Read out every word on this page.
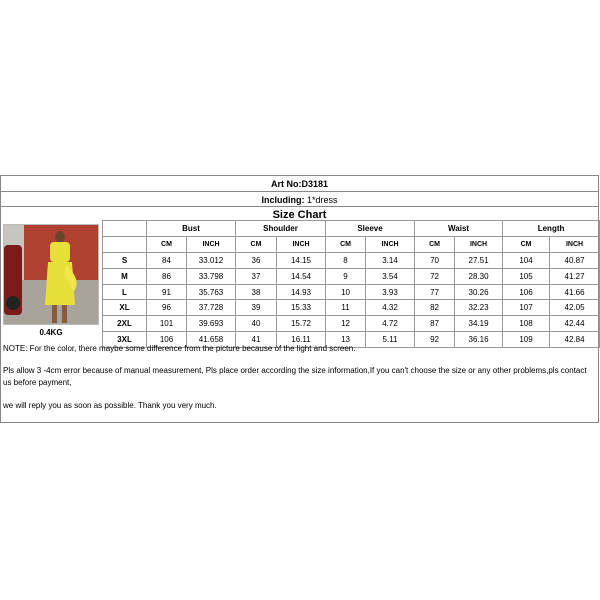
Art No:D3181
Including: 1*dress
Size Chart
0.4KG
	Bust		Shoulder		Sleeve		Waist		Length	
	CM	INCH	CM	INCH	CM	INCH	CM	INCH	CM	INCH
S	84	33.012	36	14.15	8	3.14	70	27.51	104	40.87
M	86	33.798	37	14.54	9	3.54	72	28.30	105	41.27
L	91	35.763	38	14.93	10	3.93	77	30.26	106	41.66
XL	96	37.728	39	15.33	11	4.32	82	32.23	107	42.05
2XL	101	39.693	40	15.72	12	4.72	87	34.19	108	42.44
3XL	106	41.658	41	16.11	13	5.11	92	36.16	109	42.84

NOTE: For the color, there maybe some difference from the picture because of the light and screen.

Pls allow 3 -4cm error because of manual measurement, Pls place order according the size information,If you can't choose the size or any other problems,pls contact us before payment,

we will reply you as soon as possible. Thank you very much.
